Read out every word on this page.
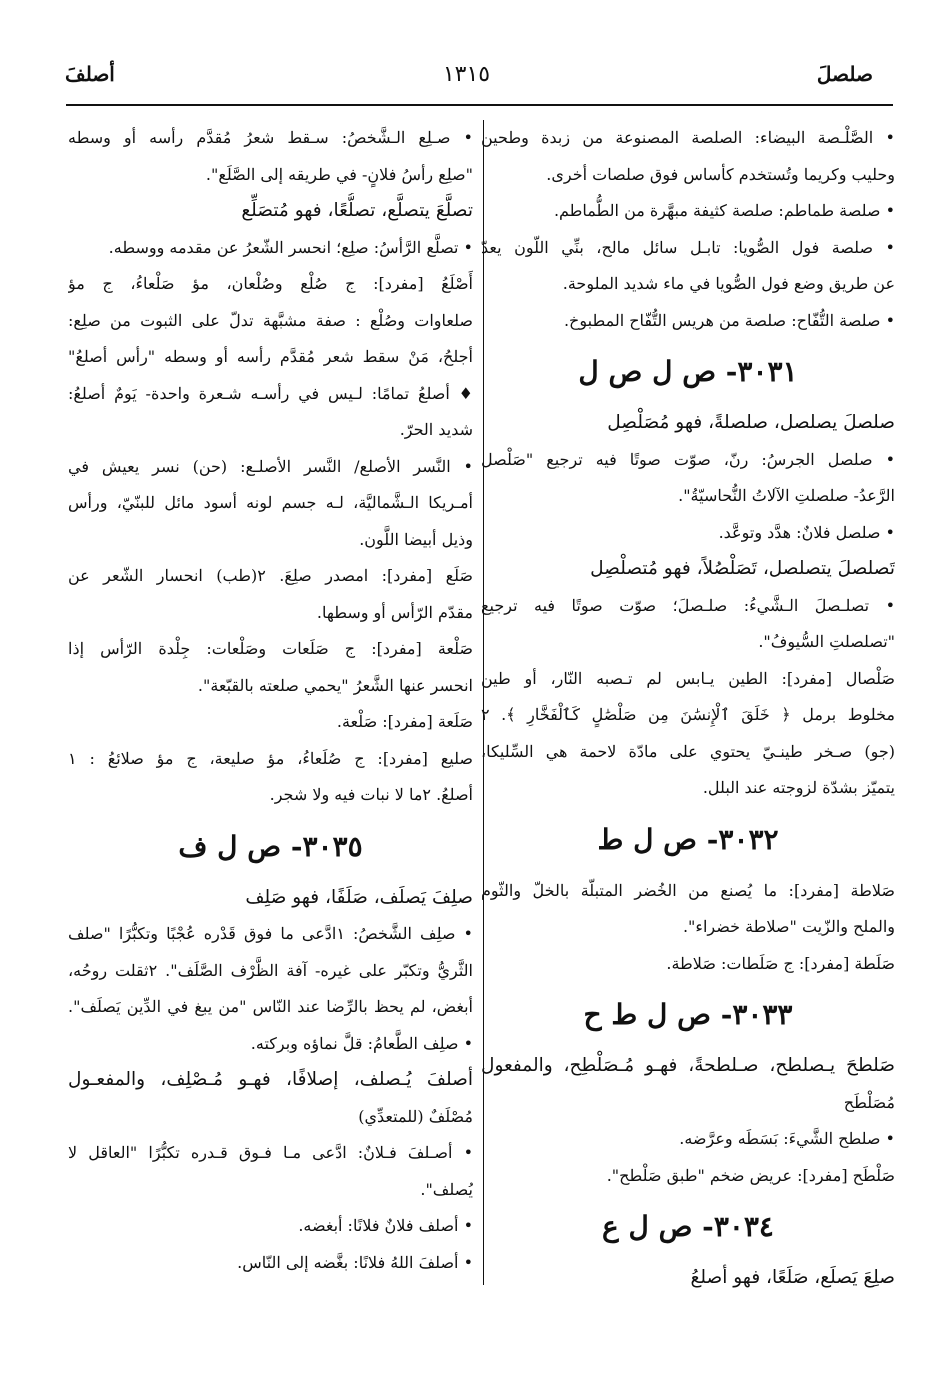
صلصلَ
١٣١٥
أصلفَ
• الصَّلْـصة البيضاء: الصلصة المصنوعة من زبدة وطحين
وحليب وكريما وتُستخدم كأساس فوق صلصات أخرى.
• صلصة طماطم: صلصة كثيفة مبهَّرة من الطُّماطم.
• صلصة فول الصُّويا: تابـل سائل مالح، بنِّي اللّون يعدّ
عن طريق وضع فول الصُّويا في ماء شديد الملوحة.
• صلصة التُّفّاح: صلصة من هريس التُّفّاح المطبوخ.
٣٠٣١- ص ل ص ل
صلصلَ يصلصل، صلصلةً، فهو مُصَلْصِل
• صلصل الجرسُ: رنّ، صوّت صوتًا فيه ترجيع "صَلْصل
الرَّعدُ- صلصلتِ الآلاتُ النُّحاسيّةُ".
• صلصل فلانٌ: هدَّد وتوعَّد.
تَصلصلَ يتصلصل، تَصَلْصُلاً، فهو مُتصلْصِل
• تصلـصلَ الـشَّيءُ: صلـصلَ؛ صوّت صوتًا فيه ترجيع
"تصلصلتِ السُّيوفُ".
صَلْصال [مفرد]: الطين يـابس لم تـصبه النّار، أو طين
مخلوط برمل ﴿ خَلَقَ ٱلْإِنسَٰنَ مِن صَلْصَٰلٍ كَٱلْفَخَّارِ ﴾. ٢
(جو) صـخر طينـيّ يحتوي على مادّة لاحمة هي السِّليكا،
يتميّز بشدّة لزوجته عند البلل.
٣٠٣٢- ص ل ط
صَلاطة [مفرد]: ما يُصنع من الخُضر المتبلّة بالخلّ والثّوم
والملح والزّيت "صلاطة خضراء".
صَلَطة [مفرد]: ج صَلَطات: صَلاطة.
٣٠٣٣- ص ل ط ح
صَلطحَ يـصلطح، صـلطحةً، فهـو مُـصَلْطِح، والمفعول
مُصَلْطَح
• صلطح الشَّيءَ: بَسَطَه وعرَّضه.
صَلْطَح [مفرد]: عريض ضخم "طبق صَلْطح".
٣٠٣٤- ص ل ع
صلِعَ يَصلَع، صَلَعًا، فهو أصلعُ
• صـلِع الـشَّخصُ: سـقط شعرُ مُقدَّم رأسه أو وسطه
"صلِع رأسُ فلانٍ- في طريقه إلى الصَّلَع".
تصلَّعَ يتصلَّع، تصلُّعًا، فهو مُتصَلِّع
• تصلَّع الرَّأسُ: صلِع؛ انحسر الشّعرُ عن مقدمه ووسطه.
أَصْلَعُ [مفرد]: ج صُلْع وصُلْعان، مؤ صَلْعاءُ، ج مؤ
صلعاوات وصُلْع : صفة مشبَّهة تدلّ على الثبوت من صلِع:
أجلحُ، مَنْ سقط شعر مُقدَّم رأسه أو وسطه "رأس أصلعُ"
♦ أصلعُ تمامًا: لـيس في رأسـه شـعرة واحدة- يَومٌ أصلعُ:
شديد الحرّ.
• النَّسر الأصلع/ النَّسر الأصلـع: (حن) نسر يعيش في
أمـريكا الـشَّماليَّة، لـه جسم لونه أسود مائل للبنّيّ، ورأس
وذيل أبيضا اللَّون.
صَلَع [مفرد]: امصدر صلِعَ. ٢(طب) انحسار الشّعر عن
مقدّم الرّأس أو وسطها.
صَلْعة [مفرد]: ج صَلَعات وصَلْعات: جِلْدة الرّأس إذا
انحسر عنها الشَّعرُ "يحمي صلعته بالقبّعة".
صَلَعة [مفرد]: صَلْعة.
صليع [مفرد]: ج صُلَعاءُ، مؤ صليعة، ج مؤ صلائعُ : ١
أصلعُ. ٢ما لا نبات فيه ولا شجر.
٣٠٣٥- ص ل ف
صلِفَ يَصلَف، صَلَفًا، فهو صَلِف
• صلِف الشَّخصُ: ١ادَّعى ما فوق قَدْره عُجْبًا وتكبُّرًا "صلف
الثَّريُّ وتكبّر على غيره- آفة الظَّرْف الصَّلَف". ٢ثقلت روحُه،
أبغض، لم يحظ بالرِّضا عند النّاس "من يبغ في الدِّين يَصلَف".
• صلِف الطَّعامُ: قلَّ نماؤه وبركته.
أصلفَ يُـصلف، إصلافًا، فهـو مُـصْلِف، والمفعـول
مُصْلَفٌ (للمتعدِّي)
• أصـلفَ فـلانٌ: ادَّعى مـا فـوق قـدره تكبُّرًا "العاقل لا
يُصلف".
• أصلف فلانٌ فلانًا: أبغضه.
• أصلفَ اللهُ فلانًا: بغَّضه إلى النّاس.
